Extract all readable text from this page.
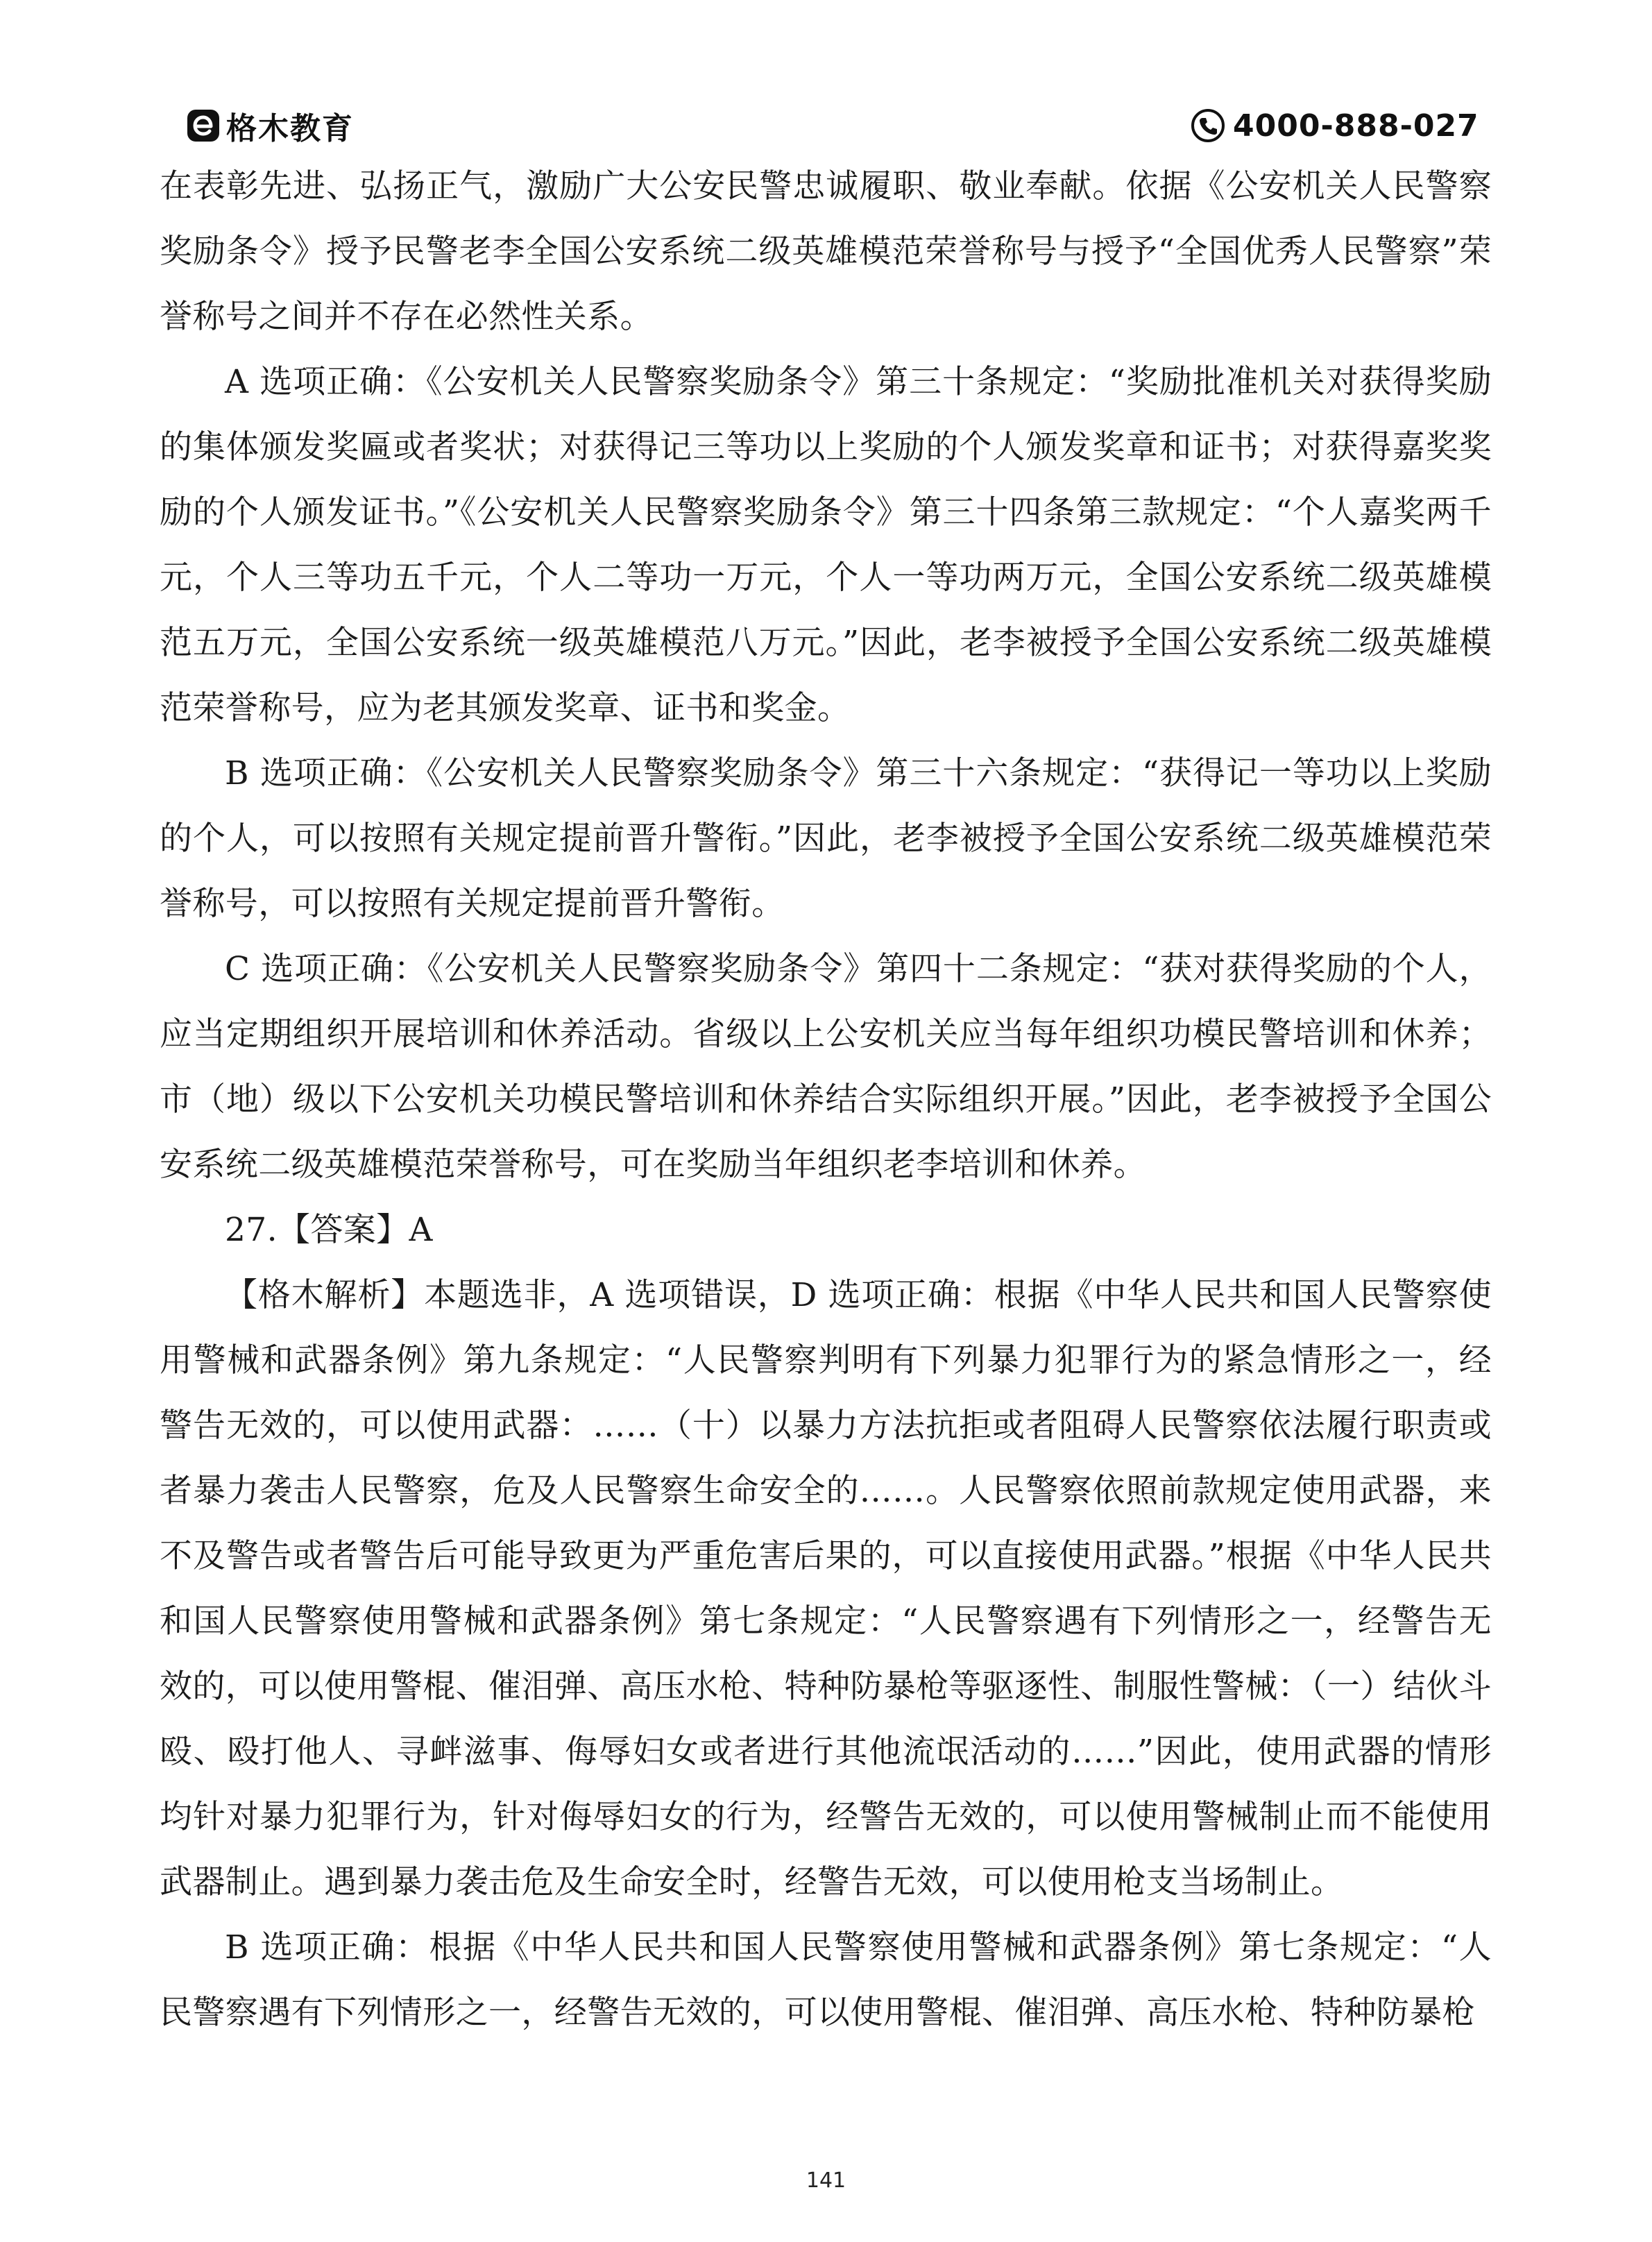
格木教育	4000-888-027

在表彰先进、弘扬正气，激励广大公安民警忠诚履职、敬业奉献。依据《公安机关人民警察奖励条令》授予民警老李全国公安系统二级英雄模范荣誉称号与授予“全国优秀人民警察”荣誉称号之间并不存在必然性关系。

A 选项正确：《公安机关人民警察奖励条令》第三十条规定：“奖励批准机关对获得奖励的集体颁发奖匾或者奖状；对获得记三等功以上奖励的个人颁发奖章和证书；对获得嘉奖奖励的个人颁发证书。”《公安机关人民警察奖励条令》第三十四条第三款规定：“个人嘉奖两千元，个人三等功五千元，个人二等功一万元，个人一等功两万元，全国公安系统二级英雄模范五万元，全国公安系统一级英雄模范八万元。”因此，老李被授予全国公安系统二级英雄模范荣誉称号，应为老其颁发奖章、证书和奖金。

B 选项正确：《公安机关人民警察奖励条令》第三十六条规定：“获得记一等功以上奖励的个人，可以按照有关规定提前晋升警衔。”因此，老李被授予全国公安系统二级英雄模范荣誉称号，可以按照有关规定提前晋升警衔。

C 选项正确：《公安机关人民警察奖励条令》第四十二条规定：“获对获得奖励的个人，应当定期组织开展培训和休养活动。省级以上公安机关应当每年组织功模民警培训和休养；市（地）级以下公安机关功模民警培训和休养结合实际组织开展。”因此，老李被授予全国公安系统二级英雄模范荣誉称号，可在奖励当年组织老李培训和休养。

27.【答案】A

【格木解析】本题选非，A 选项错误，D 选项正确：根据《中华人民共和国人民警察使用警械和武器条例》第九条规定：“人民警察判明有下列暴力犯罪行为的紧急情形之一，经警告无效的，可以使用武器：……（十）以暴力方法抗拒或者阻碍人民警察依法履行职责或者暴力袭击人民警察，危及人民警察生命安全的……。人民警察依照前款规定使用武器，来不及警告或者警告后可能导致更为严重危害后果的，可以直接使用武器。”根据《中华人民共和国人民警察使用警械和武器条例》第七条规定：“人民警察遇有下列情形之一，经警告无效的，可以使用警棍、催泪弹、高压水枪、特种防暴枪等驱逐性、制服性警械：（一）结伙斗殴、殴打他人、寻衅滋事、侮辱妇女或者进行其他流氓活动的……”因此，使用武器的情形均针对暴力犯罪行为，针对侮辱妇女的行为，经警告无效的，可以使用警械制止而不能使用武器制止。遇到暴力袭击危及生命安全时，经警告无效，可以使用枪支当场制止。

B 选项正确：根据《中华人民共和国人民警察使用警械和武器条例》第七条规定：“人民警察遇有下列情形之一，经警告无效的，可以使用警棍、催泪弹、高压水枪、特种防暴枪

141
